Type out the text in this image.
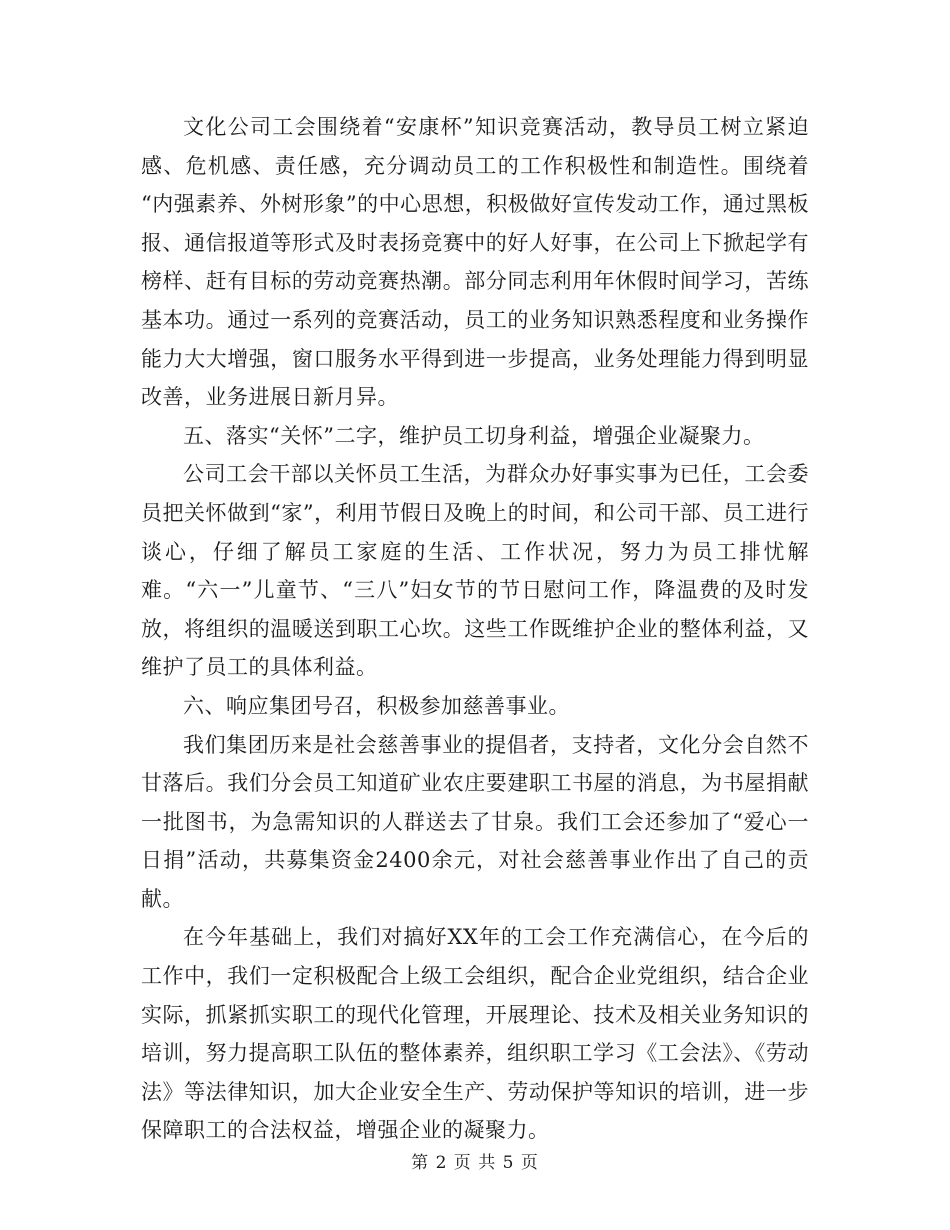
文化公司工会围绕着“安康杯”知识竞赛活动，教导员工树立紧迫感、危机感、责任感，充分调动员工的工作积极性和制造性。围绕着 “内强素养、外树形象”的中心思想，积极做好宣传发动工作，通过黑板报、通信报道等形式及时表扬竞赛中的好人好事，在公司上下掀起学有榜样、赶有目标的劳动竞赛热潮。部分同志利用年休假时间学习，苦练基本功。通过一系列的竞赛活动，员工的业务知识熟悉程度和业务操作能力大大增强，窗口服务水平得到进一步提高，业务处理能力得到明显改善，业务进展日新月异。

五、落实“关怀”二字，维护员工切身利益，增强企业凝聚力。

公司工会干部以关怀员工生活，为群众办好事实事为已任，工会委员把关怀做到“家”，利用节假日及晚上的时间，和公司干部、员工进行谈心，仔细了解员工家庭的生活、工作状况，努力为员工排忧解难。“六一”儿童节、“三八”妇女节的节日慰问工作，降温费的及时发放，将组织的温暖送到职工心坎。这些工作既维护企业的整体利益，又维护了员工的具体利益。

六、响应集团号召，积极参加慈善事业。

我们集团历来是社会慈善事业的提倡者，支持者，文化分会自然不甘落后。我们分会员工知道矿业农庄要建职工书屋的消息，为书屋捐献一批图书，为急需知识的人群送去了甘泉。我们工会还参加了“爱心一日捐”活动，共募集资金2400余元，对社会慈善事业作出了自己的贡献。

在今年基础上，我们对搞好XX年的工会工作充满信心，在今后的工作中，我们一定积极配合上级工会组织，配合企业党组织，结合企业实际，抓紧抓实职工的现代化管理，开展理论、技术及相关业务知识的培训，努力提高职工队伍的整体素养，组织职工学习《工会法》、《劳动法》等法律知识，加大企业安全生产、劳动保护等知识的培训，进一步保障职工的合法权益，增强企业的凝聚力。

第 2 页 共 5 页
